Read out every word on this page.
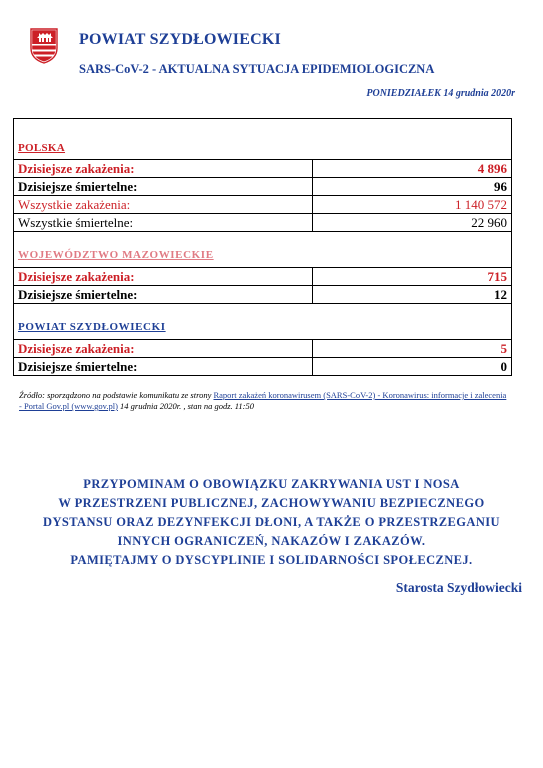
POWIAT SZYDŁOWIECKI
SARS-CoV-2 - AKTUALNA SYTUACJA EPIDEMIOLOGICZNA
PONIEDZIAŁEK 14 grudnia 2020r
POLSKA	
Dzisiejsze zakażenia:	4 896
Dzisiejsze śmiertelne:	96
Wszystkie zakażenia:	1 140 572
Wszystkie śmiertelne:	22 960
WOJEWÓDZTWO MAZOWIECKIE	
Dzisiejsze zakażenia:	715
Dzisiejsze śmiertelne:	12
POWIAT SZYDŁOWIECKI	
Dzisiejsze zakażenia:	5
Dzisiejsze śmiertelne:	0
Źródło: sporządzono na podstawie komunikatu ze strony Raport zakażeń koronawirusem (SARS-CoV-2) - Koronawirus: informacje i zalecenia - Portal Gov.pl (www.gov.pl) 14 grudnia 2020r. , stan na godz. 11:50
PRZYPOMINAM O OBOWIĄZKU ZAKRYWANIA UST I NOSA
W PRZESTRZENI PUBLICZNEJ, ZACHOWYWANIU BEZPIECZNEGO
DYSTANSU ORAZ DEZYNFEKCJI DŁONI, A TAKŻE O PRZESTRZEGANIU
INNYCH OGRANICZEŃ, NAKAZÓW I ZAKAZÓW.
PAMIĘTAJMY O DYSCYPLINIE I SOLIDARNOŚCI SPOŁECZNEJ.
Starosta Szydłowiecki
